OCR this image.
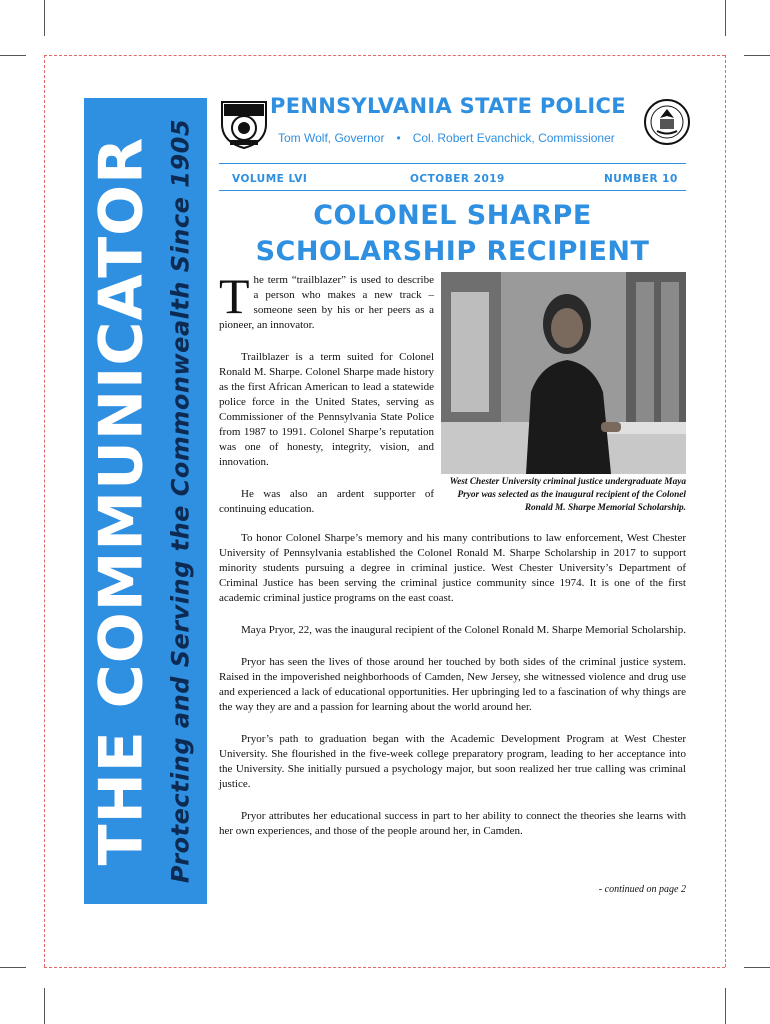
THE COMMUNICATOR Protecting and Serving the Commonwealth Since 1905
PENNSYLVANIA STATE POLICE
Tom Wolf, Governor • Col. Robert Evanchick, Commissioner
VOLUME LVI	OCTOBER 2019	NUMBER 10
COLONEL SHARPE
SCHOLARSHIP RECIPIENT

The term “trailblazer” is used to describe a person who makes a new track – someone seen by his or her peers as a pioneer, an innovator.

Trailblazer is a term suited for Colonel Ronald M. Sharpe. Colonel Sharpe made history as the first African American to lead a statewide police force in the United States, serving as Commissioner of the Pennsylvania State Police from 1987 to 1991. Colonel Sharpe’s reputation was one of honesty, integrity, vision, and innovation.

He was also an ardent supporter of continuing education.

West Chester University criminal justice undergraduate Maya Pryor was selected as the inaugural recipient of the Colonel Ronald M. Sharpe Memorial Scholarship.

To honor Colonel Sharpe’s memory and his many contributions to law enforcement, West Chester University of Pennsylvania established the Colonel Ronald M. Sharpe Scholarship in 2017 to support minority students pursuing a degree in criminal justice. West Chester University’s Department of Criminal Justice has been serving the criminal justice community since 1974. It is one of the first academic criminal justice programs on the east coast.

Maya Pryor, 22, was the inaugural recipient of the Colonel Ronald M. Sharpe Memorial Scholarship.

Pryor has seen the lives of those around her touched by both sides of the criminal justice system. Raised in the impoverished neighborhoods of Camden, New Jersey, she witnessed violence and drug use and experienced a lack of educational opportunities. Her upbringing led to a fascination of why things are the way they are and a passion for learning about the world around her.

Pryor’s path to graduation began with the Academic Development Program at West Chester University. She flourished in the five-week college preparatory program, leading to her acceptance into the University. She initially pursued a psychology major, but soon realized her true calling was criminal justice.

Pryor attributes her educational success in part to her ability to connect the theories she learns with her own experiences, and those of the people around her, in Camden.

- continued on page 2
